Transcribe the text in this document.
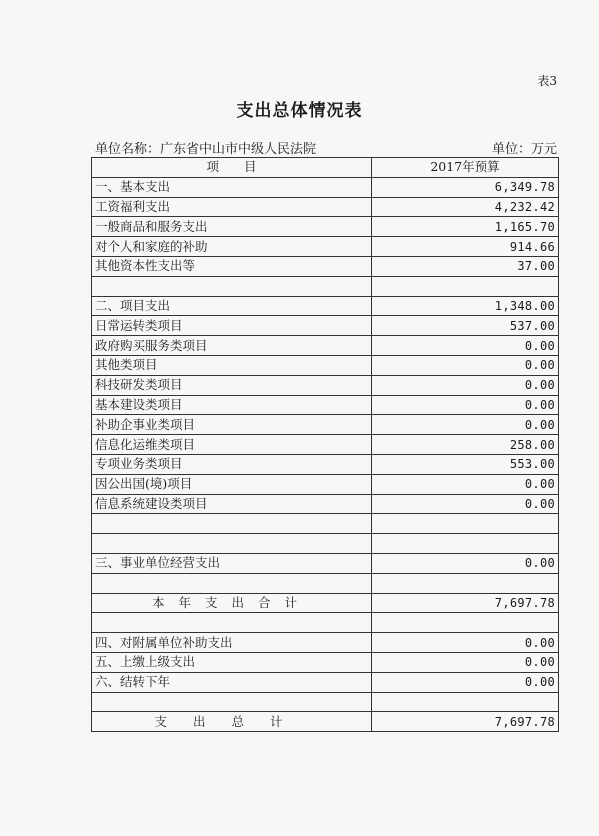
表3
支出总体情况表
单位名称：广东省中山市中级人民法院	单位：万元
项　　目	2017年预算
一、基本支出	6,349.78
工资福利支出	4,232.42
一般商品和服务支出	1,165.70
对个人和家庭的补助	914.66
其他资本性支出等	37.00

二、项目支出	1,348.00
日常运转类项目	537.00
政府购买服务类项目	0.00
其他类项目	0.00
科技研发类项目	0.00
基本建设类项目	0.00
补助企事业类项目	0.00
信息化运维类项目	258.00
专项业务类项目	553.00
因公出国(境)项目	0.00
信息系统建设类项目	0.00

三、事业单位经营支出	0.00

本年支出合计	7,697.78

四、对附属单位补助支出	0.00
五、上缴上级支出	0.00
六、结转下年	0.00

支出总计	7,697.78
